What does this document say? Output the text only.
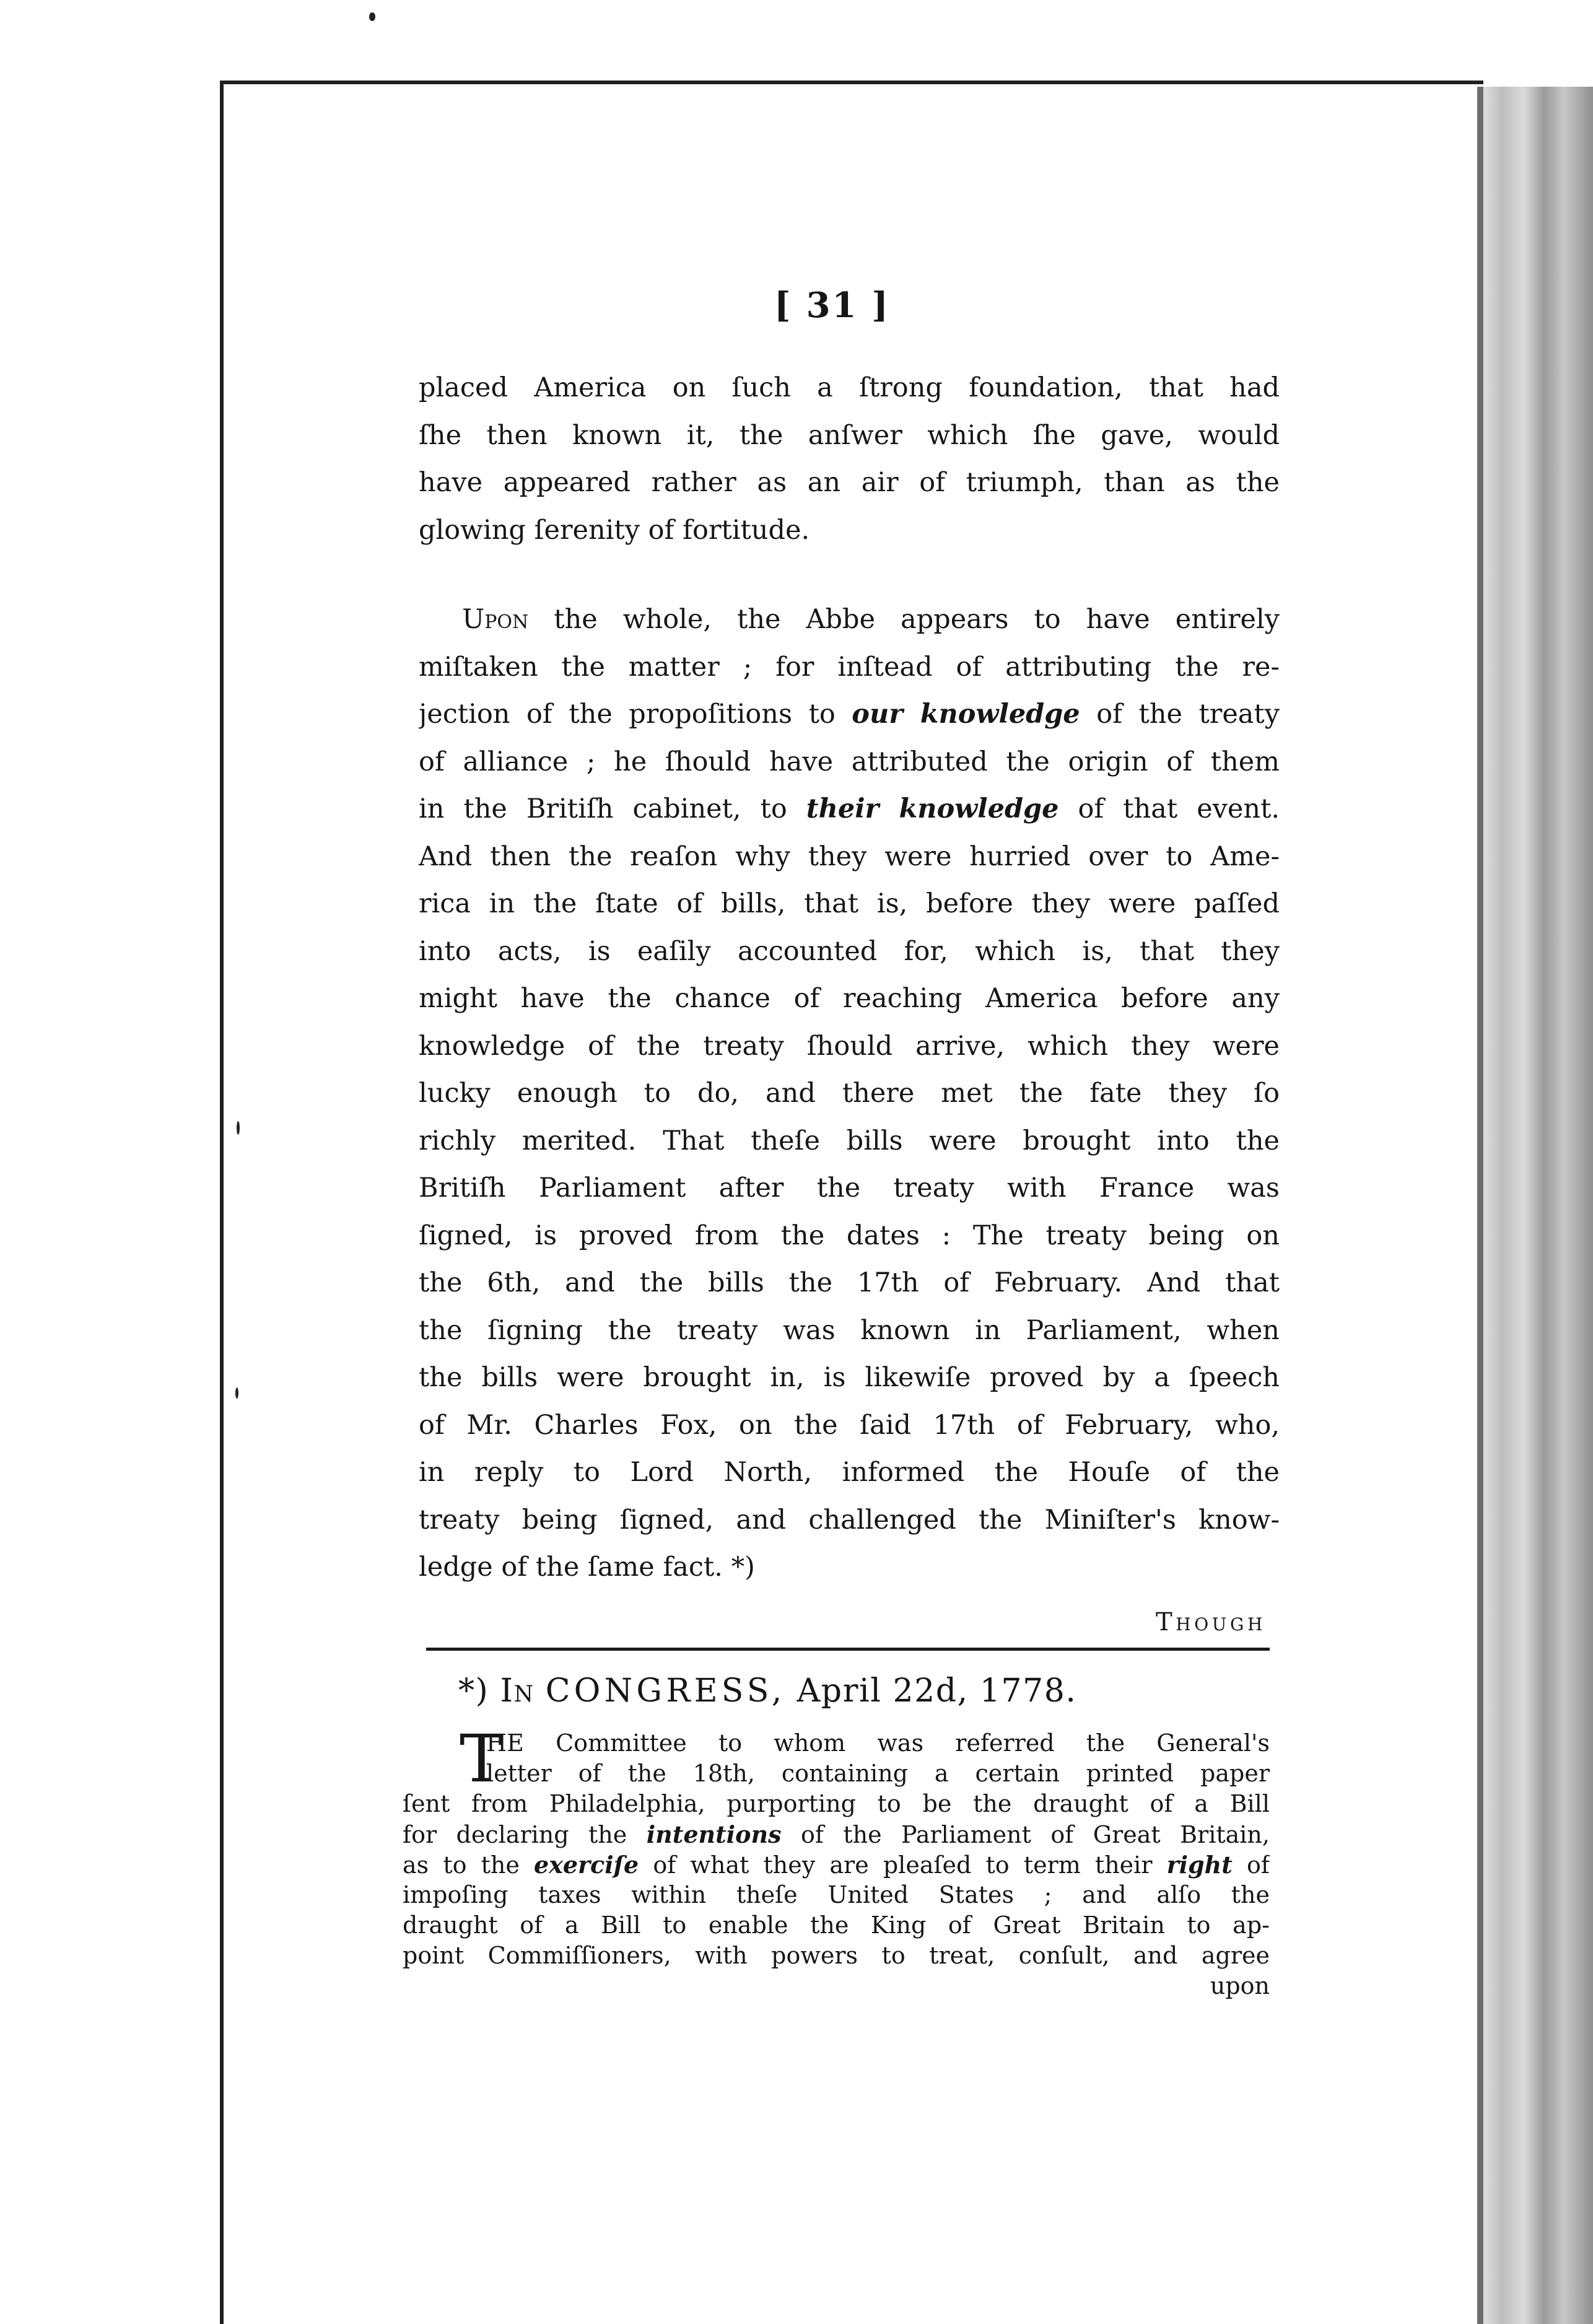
[ 31 ]
placed America on ſuch a ſtrong foundation, that had
ſhe then known it, the anſwer which ſhe gave, would
have appeared rather as an air of triumph, than as the
glowing ſerenity of fortitude.
Upon the whole, the Abbe appears to have entirely
miſtaken the matter ; for inſtead of attributing the re-
jection of the propoſitions to our knowledge of the treaty
of alliance ; he ſhould have attributed the origin of them
in the Britiſh cabinet, to their knowledge of that event.
And then the reaſon why they were hurried over to Ame-
rica in the ſtate of bills, that is, before they were paſſed
into acts, is eaſily accounted for, which is, that they
might have the chance of reaching America before any
knowledge of the treaty ſhould arrive, which they were
lucky enough to do, and there met the fate they ſo
richly merited. That theſe bills were brought into the
Britiſh Parliament after the treaty with France was
ſigned, is proved from the dates : The treaty being on
the 6th, and the bills the 17th of February. And that
the ſigning the treaty was known in Parliament, when
the bills were brought in, is likewiſe proved by a ſpeech
of Mr. Charles Fox, on the ſaid 17th of February, who,
in reply to Lord North, informed the Houſe of the
treaty being ſigned, and challenged the Miniſter's know-
ledge of the ſame fact. *)
Though
*) In CONGRESS, April 22d, 1778.
T
HE Committee to whom was referred the General's
letter of the 18th, containing a certain printed paper
ſent from Philadelphia, purporting to be the draught of a Bill
for declaring the intentions of the Parliament of Great Britain,
as to the exerciſe of what they are pleaſed to term their right of
impoſing taxes within theſe United States ; and alſo the
draught of a Bill to enable the King of Great Britain to ap-
point Commiſſioners, with powers to treat, conſult, and agree
upon
